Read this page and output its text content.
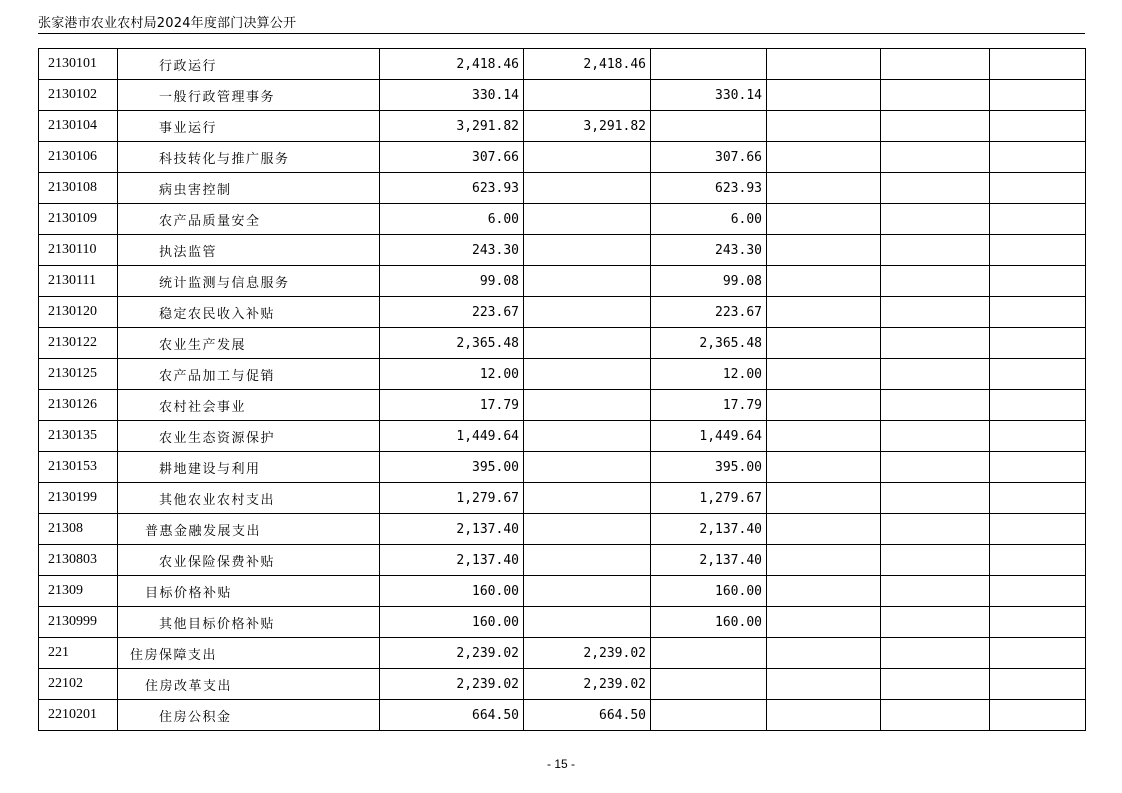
张家港市农业农村局2024年度部门决算公开
2130101	行政运行	2,418.46	2,418.46				
2130102	一般行政管理事务	330.14		330.14			
2130104	事业运行	3,291.82	3,291.82				
2130106	科技转化与推广服务	307.66		307.66			
2130108	病虫害控制	623.93		623.93			
2130109	农产品质量安全	6.00		6.00			
2130110	执法监管	243.30		243.30			
2130111	统计监测与信息服务	99.08		99.08			
2130120	稳定农民收入补贴	223.67		223.67			
2130122	农业生产发展	2,365.48		2,365.48			
2130125	农产品加工与促销	12.00		12.00			
2130126	农村社会事业	17.79		17.79			
2130135	农业生态资源保护	1,449.64		1,449.64			
2130153	耕地建设与利用	395.00		395.00			
2130199	其他农业农村支出	1,279.67		1,279.67			
21308	普惠金融发展支出	2,137.40		2,137.40			
2130803	农业保险保费补贴	2,137.40		2,137.40			
21309	目标价格补贴	160.00		160.00			
2130999	其他目标价格补贴	160.00		160.00			
221	住房保障支出	2,239.02	2,239.02				
22102	住房改革支出	2,239.02	2,239.02				
2210201	住房公积金	664.50	664.50				
- 15 -
